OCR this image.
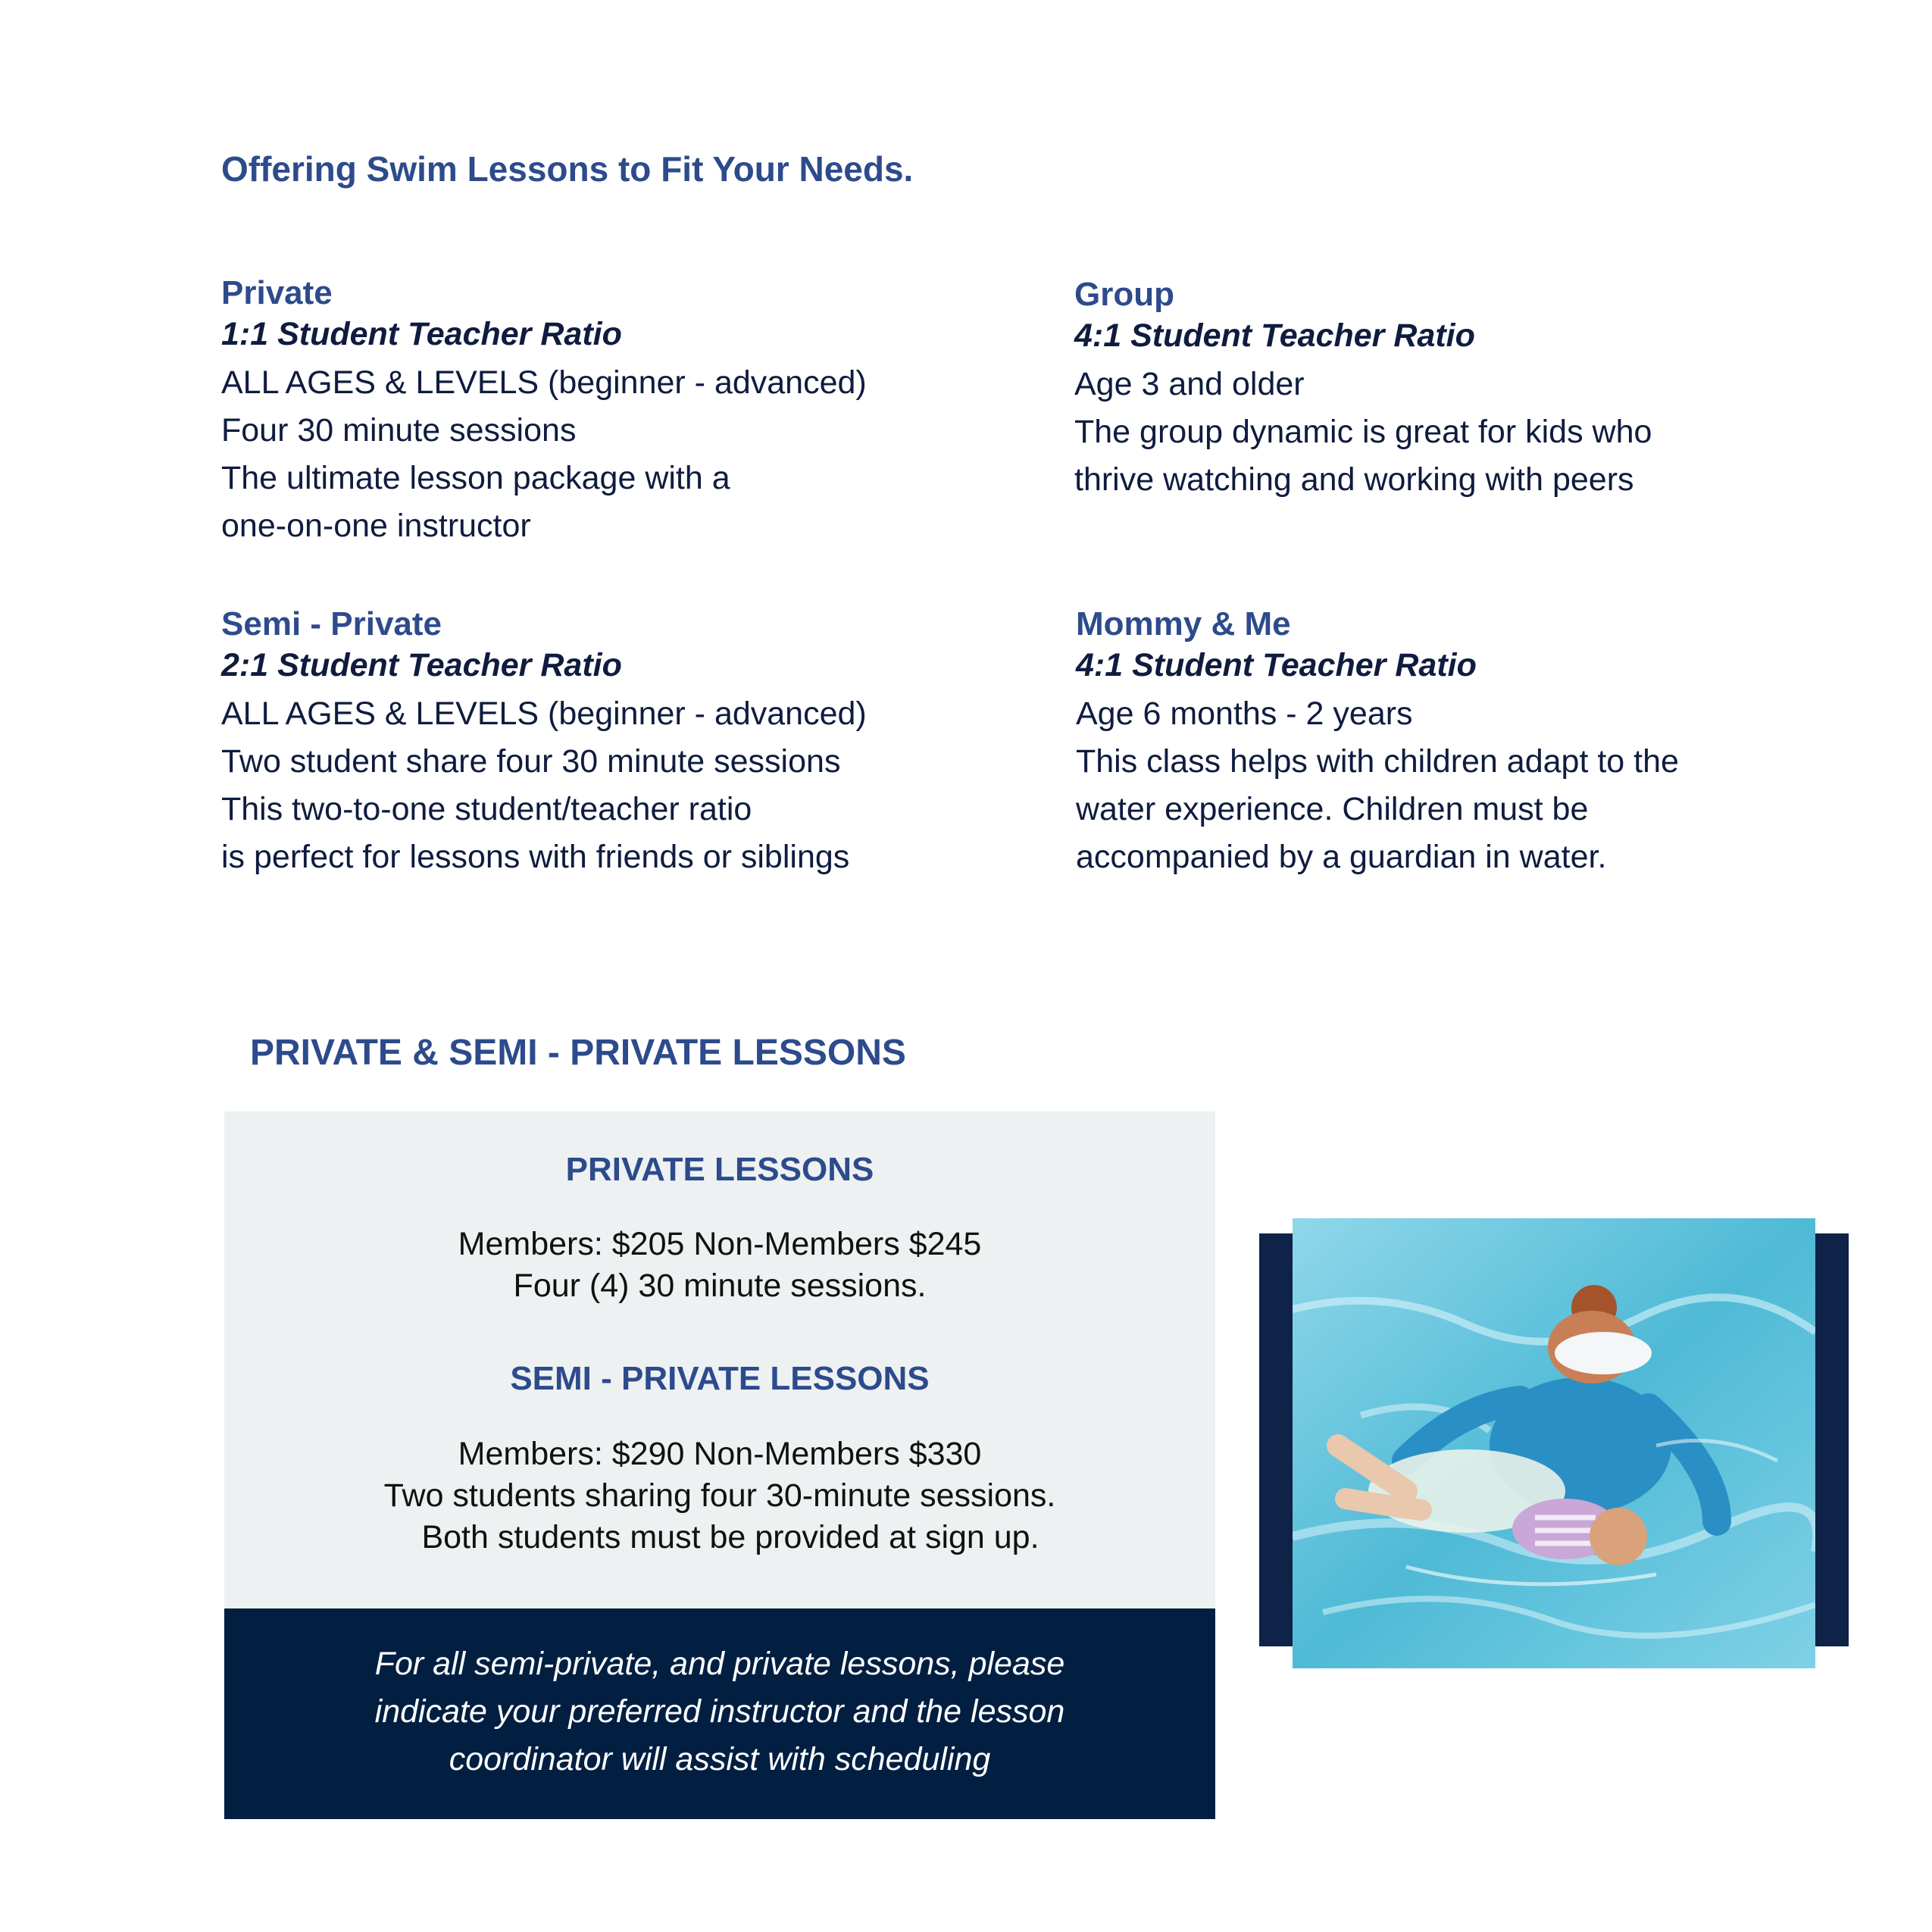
Offering Swim Lessons to Fit Your Needs.
Private
1:1 Student Teacher Ratio
ALL AGES & LEVELS (beginner - advanced)
Four 30 minute sessions
The ultimate lesson package with a
one-on-one instructor
Group
4:1 Student Teacher Ratio
Age 3 and older
The group dynamic is great for kids who
thrive watching and working with peers
Semi - Private
2:1 Student Teacher Ratio
ALL AGES & LEVELS (beginner - advanced)
Two student share four 30 minute sessions
This two-to-one student/teacher ratio
is perfect for lessons with friends or siblings
Mommy & Me
4:1 Student Teacher Ratio
Age 6 months - 2 years
This class helps with children adapt to the
water experience. Children must be
accompanied by a guardian in water.
PRIVATE & SEMI - PRIVATE LESSONS
PRIVATE LESSONS
Members: $205 Non-Members $245
Four (4) 30 minute sessions.
SEMI - PRIVATE LESSONS
Members: $290 Non-Members $330
Two students sharing four 30-minute sessions.
Both students must be provided at sign up.
For all semi-private, and private lessons, please
indicate your preferred instructor and the lesson
coordinator will assist with scheduling
